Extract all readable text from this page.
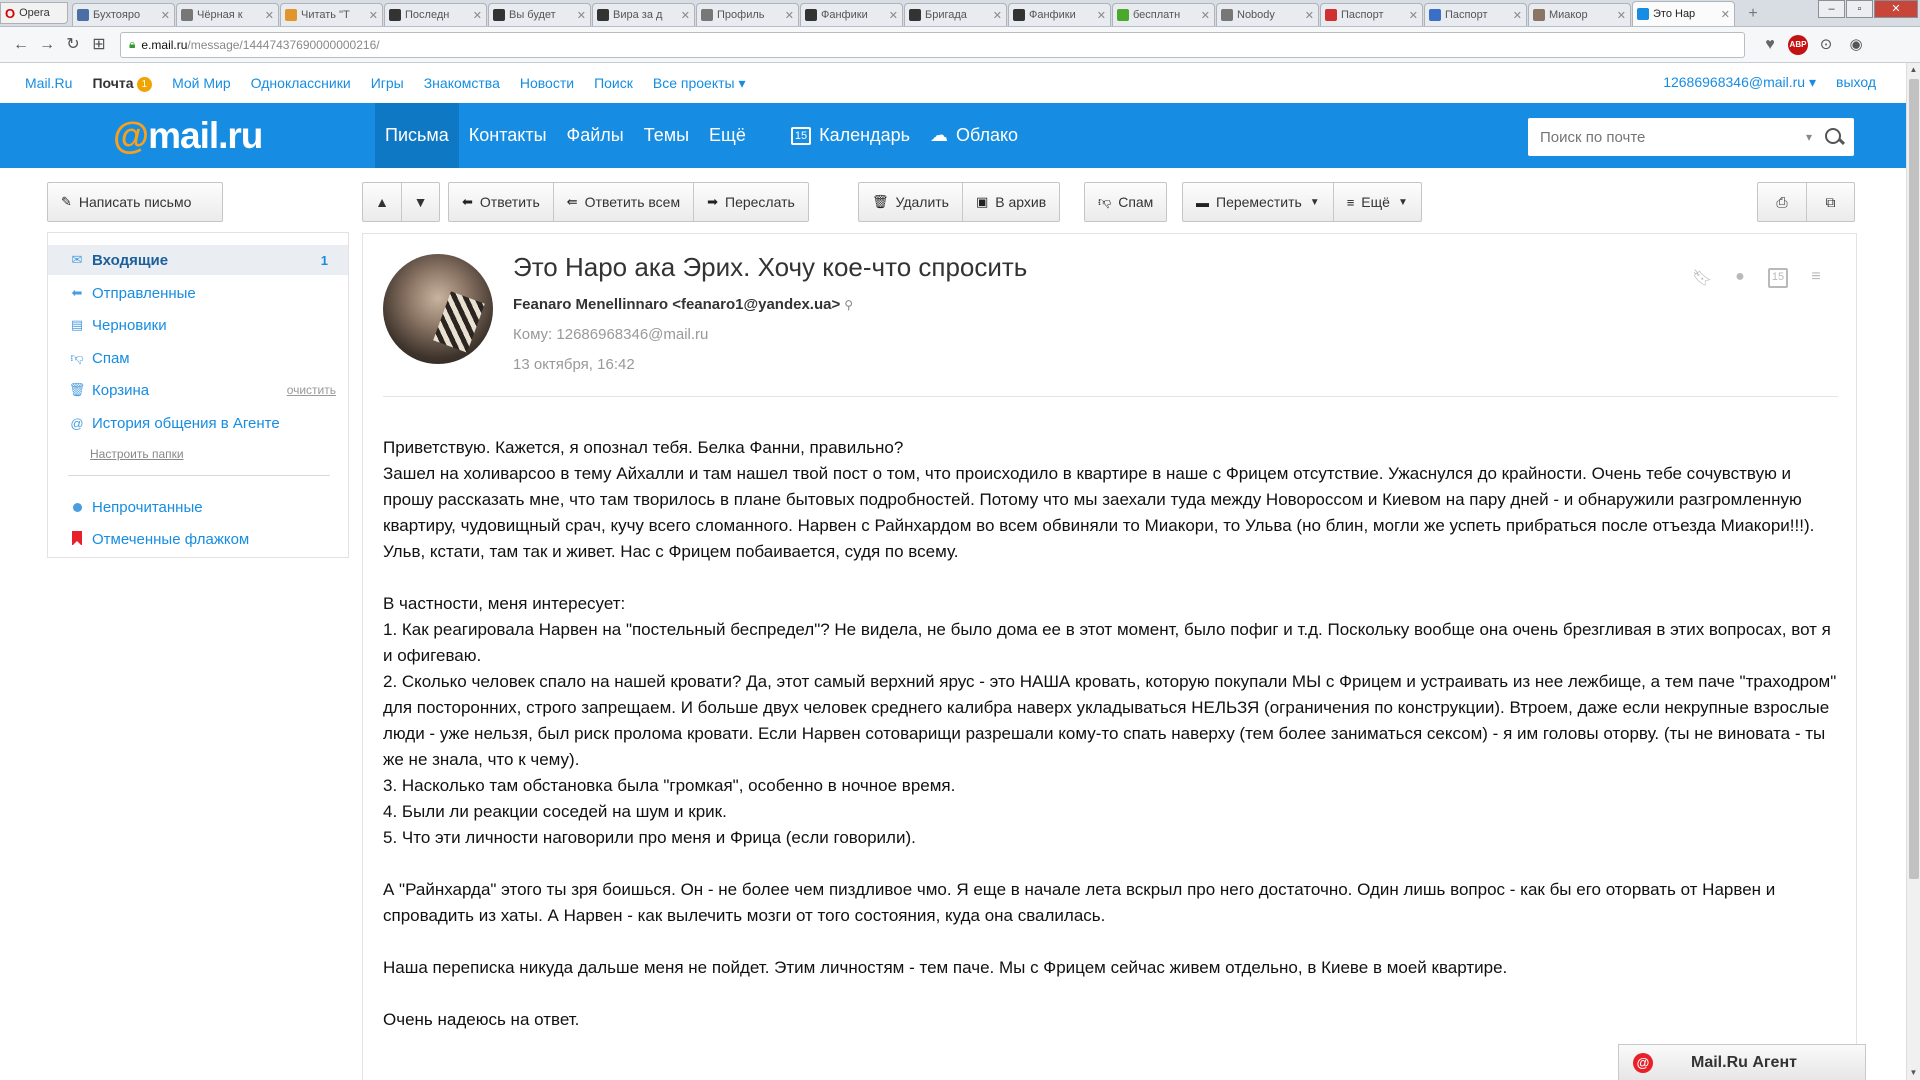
O Opera	Бухтояро	✕ Чёрная к	✕ Читать "Т	✕ Последн	✕ Вы будет	✕ Вира за д	✕ Профиль	✕ Фанфики	✕ Бригада	✕ Фанфики	✕ бесплатн	✕ Nobody	✕ Паспорт	✕ Паспорт	✕ Миакор	✕ Это Нар	✕	+	–	▫	✕
← → ↻ ⊞	🔒︎ e.mail.ru /message/14447437690000000216/	♥	ABP ⊙	◉
Mail.Ru Почта 1	Мой Мир Одноклассники Игры Знакомства Новости Поиск Все проекты ▾	12686968346@mail.ru ▾ выход
@mail.ru	Письма	Контакты	Файлы	Темы	Ещё	15 Календарь	☁ Облако
Поиск по почте	▾
✎ Написать письмо	▲ ▼	⬅ Ответить ⇚ Ответить всем ➡ Переслать	🗑︎ Удалить ▣ В архив	👎︎ Спам	▬ Переместить ▼ ≡ Ещё ▼	⎙	⧉
✉ Входящие	1
⬅ Отправленные
▤ Черновики
👎︎ Спам
🗑︎ Корзина	очистить
@ История общения в Агенте
Настроить папки
Непрочитанные
Отмеченные флажком
Это Наро ака Эрих. Хочу кое-что спросить
Feanaro Menellinnaro <feanaro1@yandex.ua> ⚲
Кому: 12686968346@mail.ru
13 октября, 16:42
🔖︎	●	15	≡

Приветствую. Кажется, я опознал тебя. Белка Фанни, правильно?

Зашел на холиварсоо в тему Айхалли и там нашел твой пост о том, что происходило в квартире в наше с Фрицем отсутствие. Ужаснулся до крайности. Очень тебе сочувствую и прошу рассказать мне, что там творилось в плане бытовых подробностей. Потому что мы заехали туда между Новороссом и Киевом на пару дней - и обнаружили разгромленную квартиру, чудовищный срач, кучу всего сломанного. Нарвен с Райнхардом во всем обвиняли то Миакори, то Ульва (но блин, могли же успеть прибраться после отъезда Миакори!!!). Ульв, кстати, там так и живет. Нас с Фрицем побаивается, судя по всему.

В частности, меня интересует:

1. Как реагировала Нарвен на "постельный беспредел"? Не видела, не было дома ее в этот момент, было пофиг и т.д. Поскольку вообще она очень брезгливая в этих вопросах, вот я и офигеваю.

2. Сколько человек спало на нашей кровати? Да, этот самый верхний ярус - это НАША кровать, которую покупали МЫ с Фрицем и устраивать из нее лежбище, а тем паче "траходром" для посторонних, строго запрещаем. И больше двух человек среднего калибра наверх укладываться НЕЛЬЗЯ (ограничения по конструкции). Втроем, даже если некрупные взрослые люди - уже нельзя, был риск пролома кровати. Если Нарвен сотоварищи разрешали кому-то спать наверху (тем более заниматься сексом) - я им головы оторву. (ты не виновата - ты же не знала, что к чему).

3. Насколько там обстановка была "громкая", особенно в ночное время.

4. Были ли реакции соседей на шум и крик.

5. Что эти личности наговорили про меня и Фрица (если говорили).

А "Райнхарда" этого ты зря боишься. Он - не более чем пиздливое чмо. Я еще в начале лета вскрыл про него достаточно. Один лишь вопрос - как бы его оторвать от Нарвен и спровадить из хаты. А Нарвен - как вылечить мозги от того состояния, куда она свалилась.

Наша переписка никуда дальше меня не пойдет. Этим личностям - тем паче. Мы с Фрицем сейчас живем отдельно, в Киеве в моей квартире.

Очень надеюсь на ответ.

▲
▼
@	Mail.Ru Агент
